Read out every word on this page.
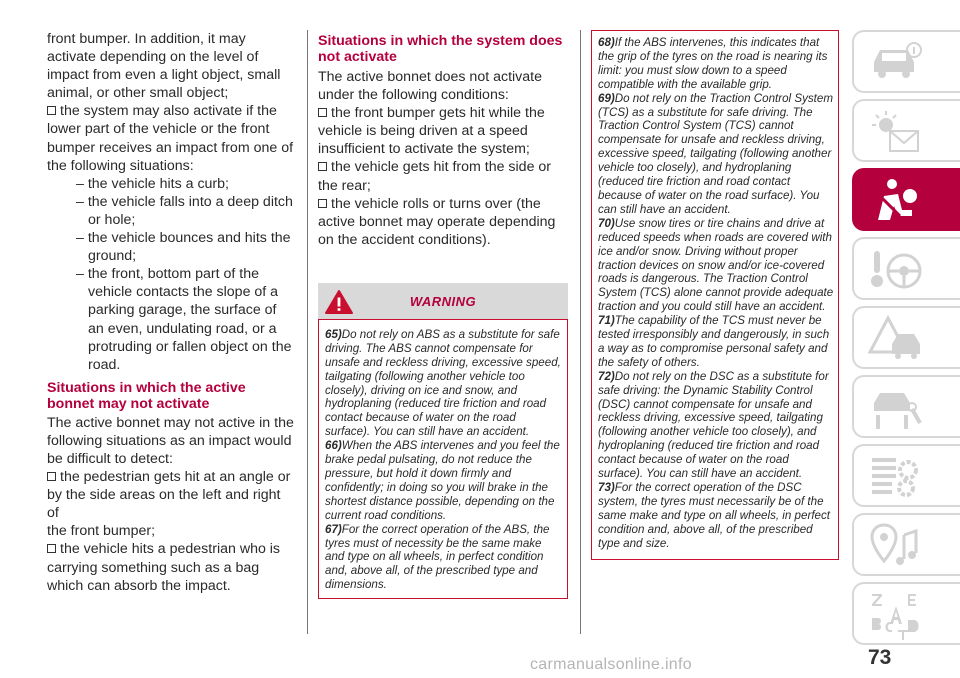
front bumper. In addition, it may

activate depending on the level of

impact from even a light object, small

animal, or other small object;

the system may also activate if the

lower part of the vehicle or the front

bumper receives an impact from one of

the following situations:

– the vehicle hits a curb;

– the vehicle falls into a deep ditch or hole;

– the vehicle bounces and hits the ground;

– the front, bottom part of the vehicle contacts the slope of a parking garage, the surface of an even, undulating road, or a protruding or fallen object on the road.

Situations in which the active bonnet may not activate

The active bonnet may not active in the

following situations as an impact would

be difficult to detect:

the pedestrian gets hit at an angle or

by the side areas on the left and right of

the front bumper;

the vehicle hits a pedestrian who is

carrying something such as a bag

which can absorb the impact.

Situations in which the system does not activate

The active bonnet does not activate

under the following conditions:

the front bumper gets hit while the

vehicle is being driven at a speed

insufficient to activate the system;

the vehicle gets hit from the side or

the rear;

the vehicle rolls or turns over (the

active bonnet may operate depending

on the accident conditions).

WARNING

65)Do not rely on ABS as a substitute for safe driving. The ABS cannot compensate for unsafe and reckless driving, excessive speed, tailgating (following another vehicle too closely), driving on ice and snow, and hydroplaning (reduced tire friction and road contact because of water on the road surface). You can still have an accident.

66)When the ABS intervenes and you feel the brake pedal pulsating, do not reduce the pressure, but hold it down firmly and confidently; in doing so you will brake in the shortest distance possible, depending on the current road conditions.

67)For the correct operation of the ABS, the tyres must of necessity be the same make and type on all wheels, in perfect condition and, above all, of the prescribed type and dimensions.

68)If the ABS intervenes, this indicates that the grip of the tyres on the road is nearing its limit: you must slow down to a speed compatible with the available grip.

69)Do not rely on the Traction Control System (TCS) as a substitute for safe driving. The Traction Control System (TCS) cannot compensate for unsafe and reckless driving, excessive speed, tailgating (following another vehicle too closely), and hydroplaning (reduced tire friction and road contact because of water on the road surface). You can still have an accident.

70)Use snow tires or tire chains and drive at reduced speeds when roads are covered with ice and/or snow. Driving without proper traction devices on snow and/or ice-covered roads is dangerous. The Traction Control System (TCS) alone cannot provide adequate traction and you could still have an accident.

71)The capability of the TCS must never be tested irresponsibly and dangerously, in such a way as to compromise personal safety and the safety of others.

72)Do not rely on the DSC as a substitute for safe driving: the Dynamic Stability Control (DSC) cannot compensate for unsafe and reckless driving, excessive speed, tailgating (following another vehicle too closely), and hydroplaning (reduced tire friction and road contact because of water on the road surface). You can still have an accident.

73)For the correct operation of the DSC system, the tyres must necessarily be of the same make and type on all wheels, in perfect condition and, above all, of the prescribed type and size.

73
carmanualsonline.info
